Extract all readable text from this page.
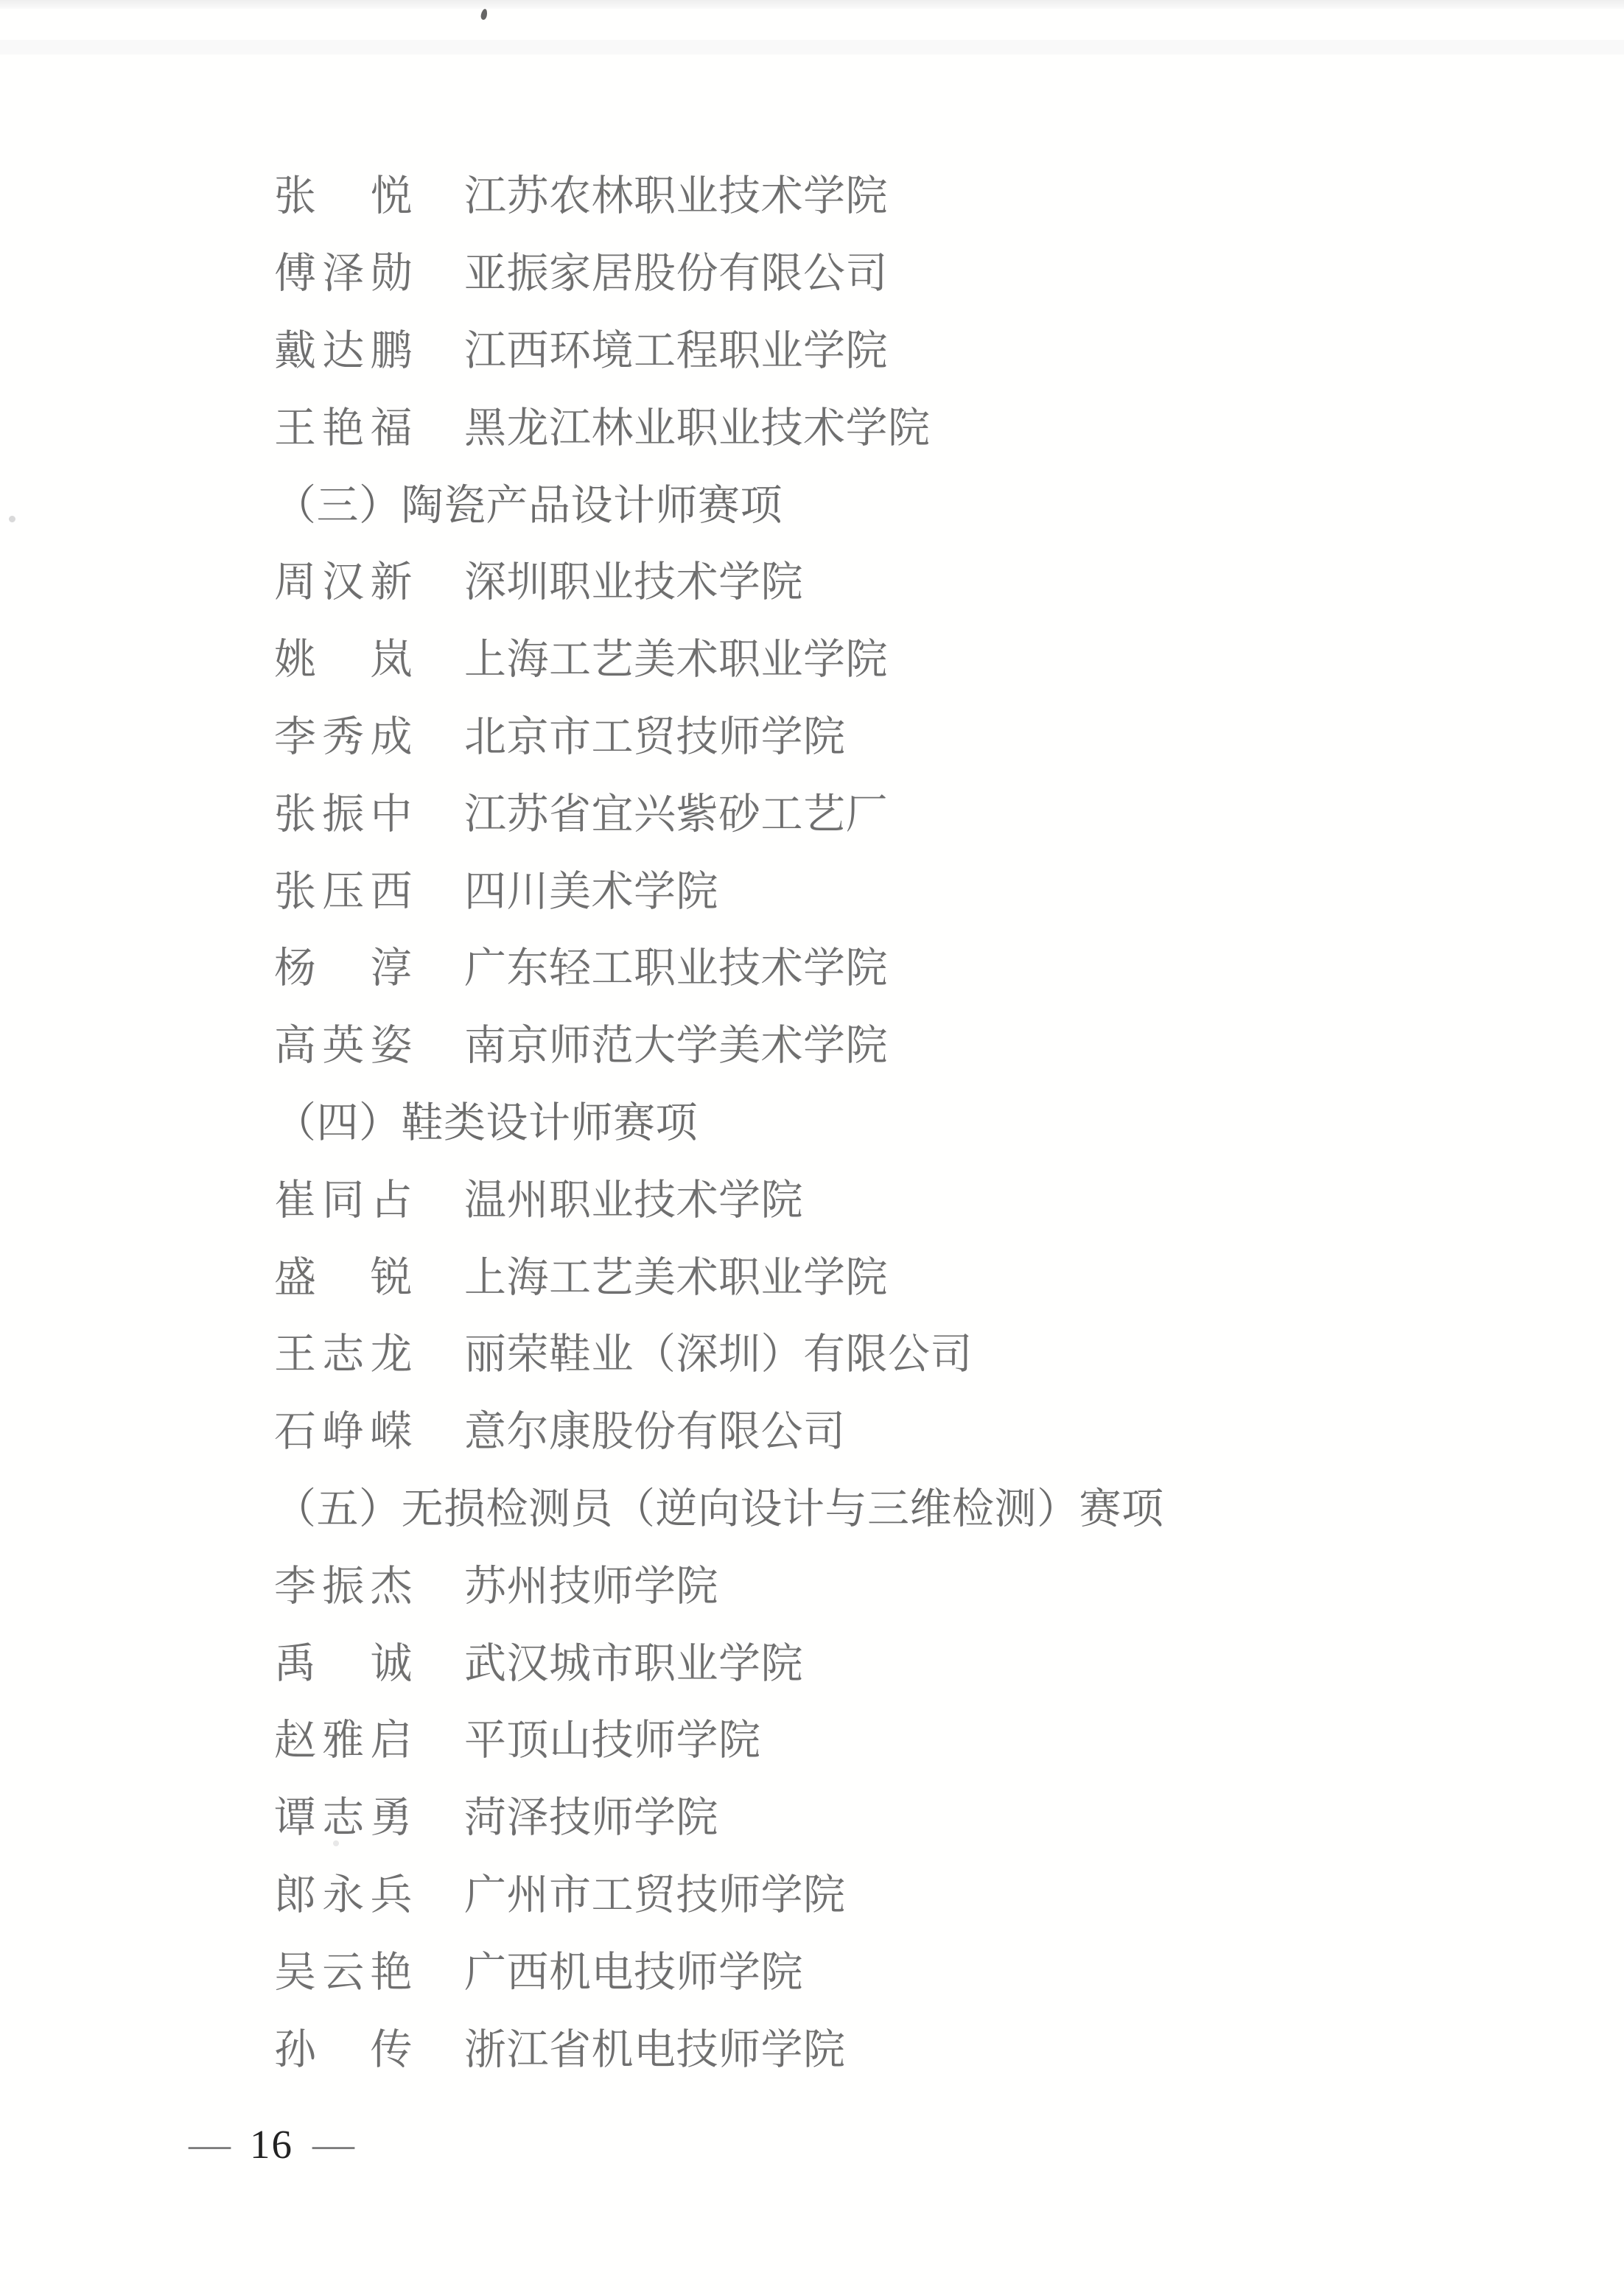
张　悦 江苏农林职业技术学院
傅泽勋 亚振家居股份有限公司
戴达鹏 江西环境工程职业学院
王艳福 黑龙江林业职业技术学院
（三）陶瓷产品设计师赛项
周汉新 深圳职业技术学院
姚　岚 上海工艺美术职业学院
李秀成 北京市工贸技师学院
张振中 江苏省宜兴紫砂工艺厂
张压西 四川美术学院
杨　淳 广东轻工职业技术学院
高英姿 南京师范大学美术学院
（四）鞋类设计师赛项
崔同占 温州职业技术学院
盛　锐 上海工艺美术职业学院
王志龙 丽荣鞋业（深圳）有限公司
石峥嵘 意尔康股份有限公司
（五）无损检测员（逆向设计与三维检测）赛项
李振杰 苏州技师学院
禹　诚 武汉城市职业学院
赵雅启 平顶山技师学院
谭志勇 菏泽技师学院
郎永兵 广州市工贸技师学院
吴云艳 广西机电技师学院
孙　传 浙江省机电技师学院
— 16 —
